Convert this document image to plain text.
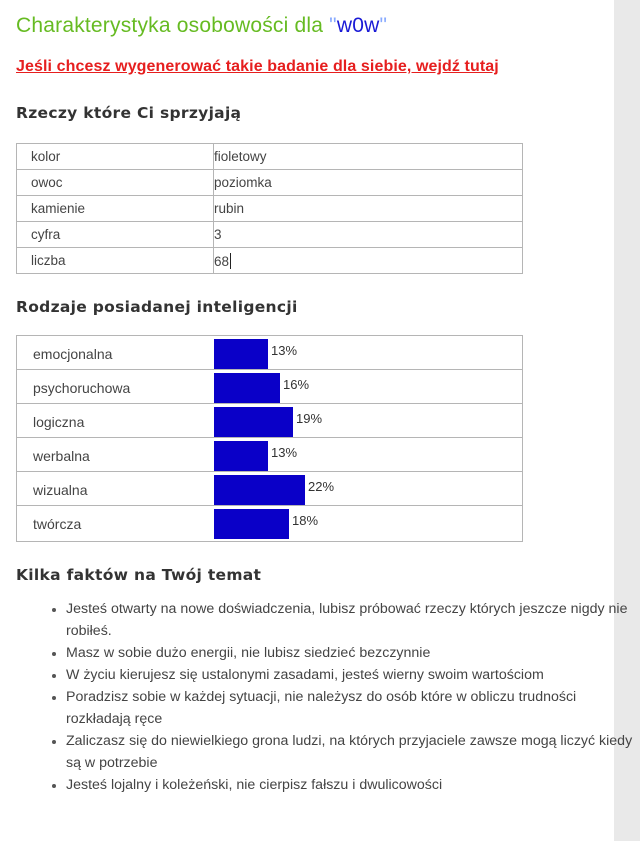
Charakterystyka osobowości dla "w0w"
Jeśli chcesz wygenerować takie badanie dla siebie, wejdź tutaj
Rzeczy które Ci sprzyjają
kolor	fioletowy
owoc	poziomka
kamienie	rubin
cyfra	3
liczba	68
Rodzaje posiadanej inteligencji
emocjonalna	13%
psychoruchowa	16%
logiczna	19%
werbalna	13%
wizualna	22%
twórcza	18%
Kilka faktów na Twój temat
• Jesteś otwarty na nowe doświadczenia, lubisz próbować rzeczy których jeszcze nigdy nie robiłeś.
• Masz w sobie dużo energii, nie lubisz siedzieć bezczynnie
• W życiu kierujesz się ustalonymi zasadami, jesteś wierny swoim wartościom
• Poradzisz sobie w każdej sytuacji, nie należysz do osób które w obliczu trudności rozkładają ręce
• Zaliczasz się do niewielkiego grona ludzi, na których przyjaciele zawsze mogą liczyć kiedy są w potrzebie
• Jesteś lojalny i koleżeński, nie cierpisz fałszu i dwulicowości
